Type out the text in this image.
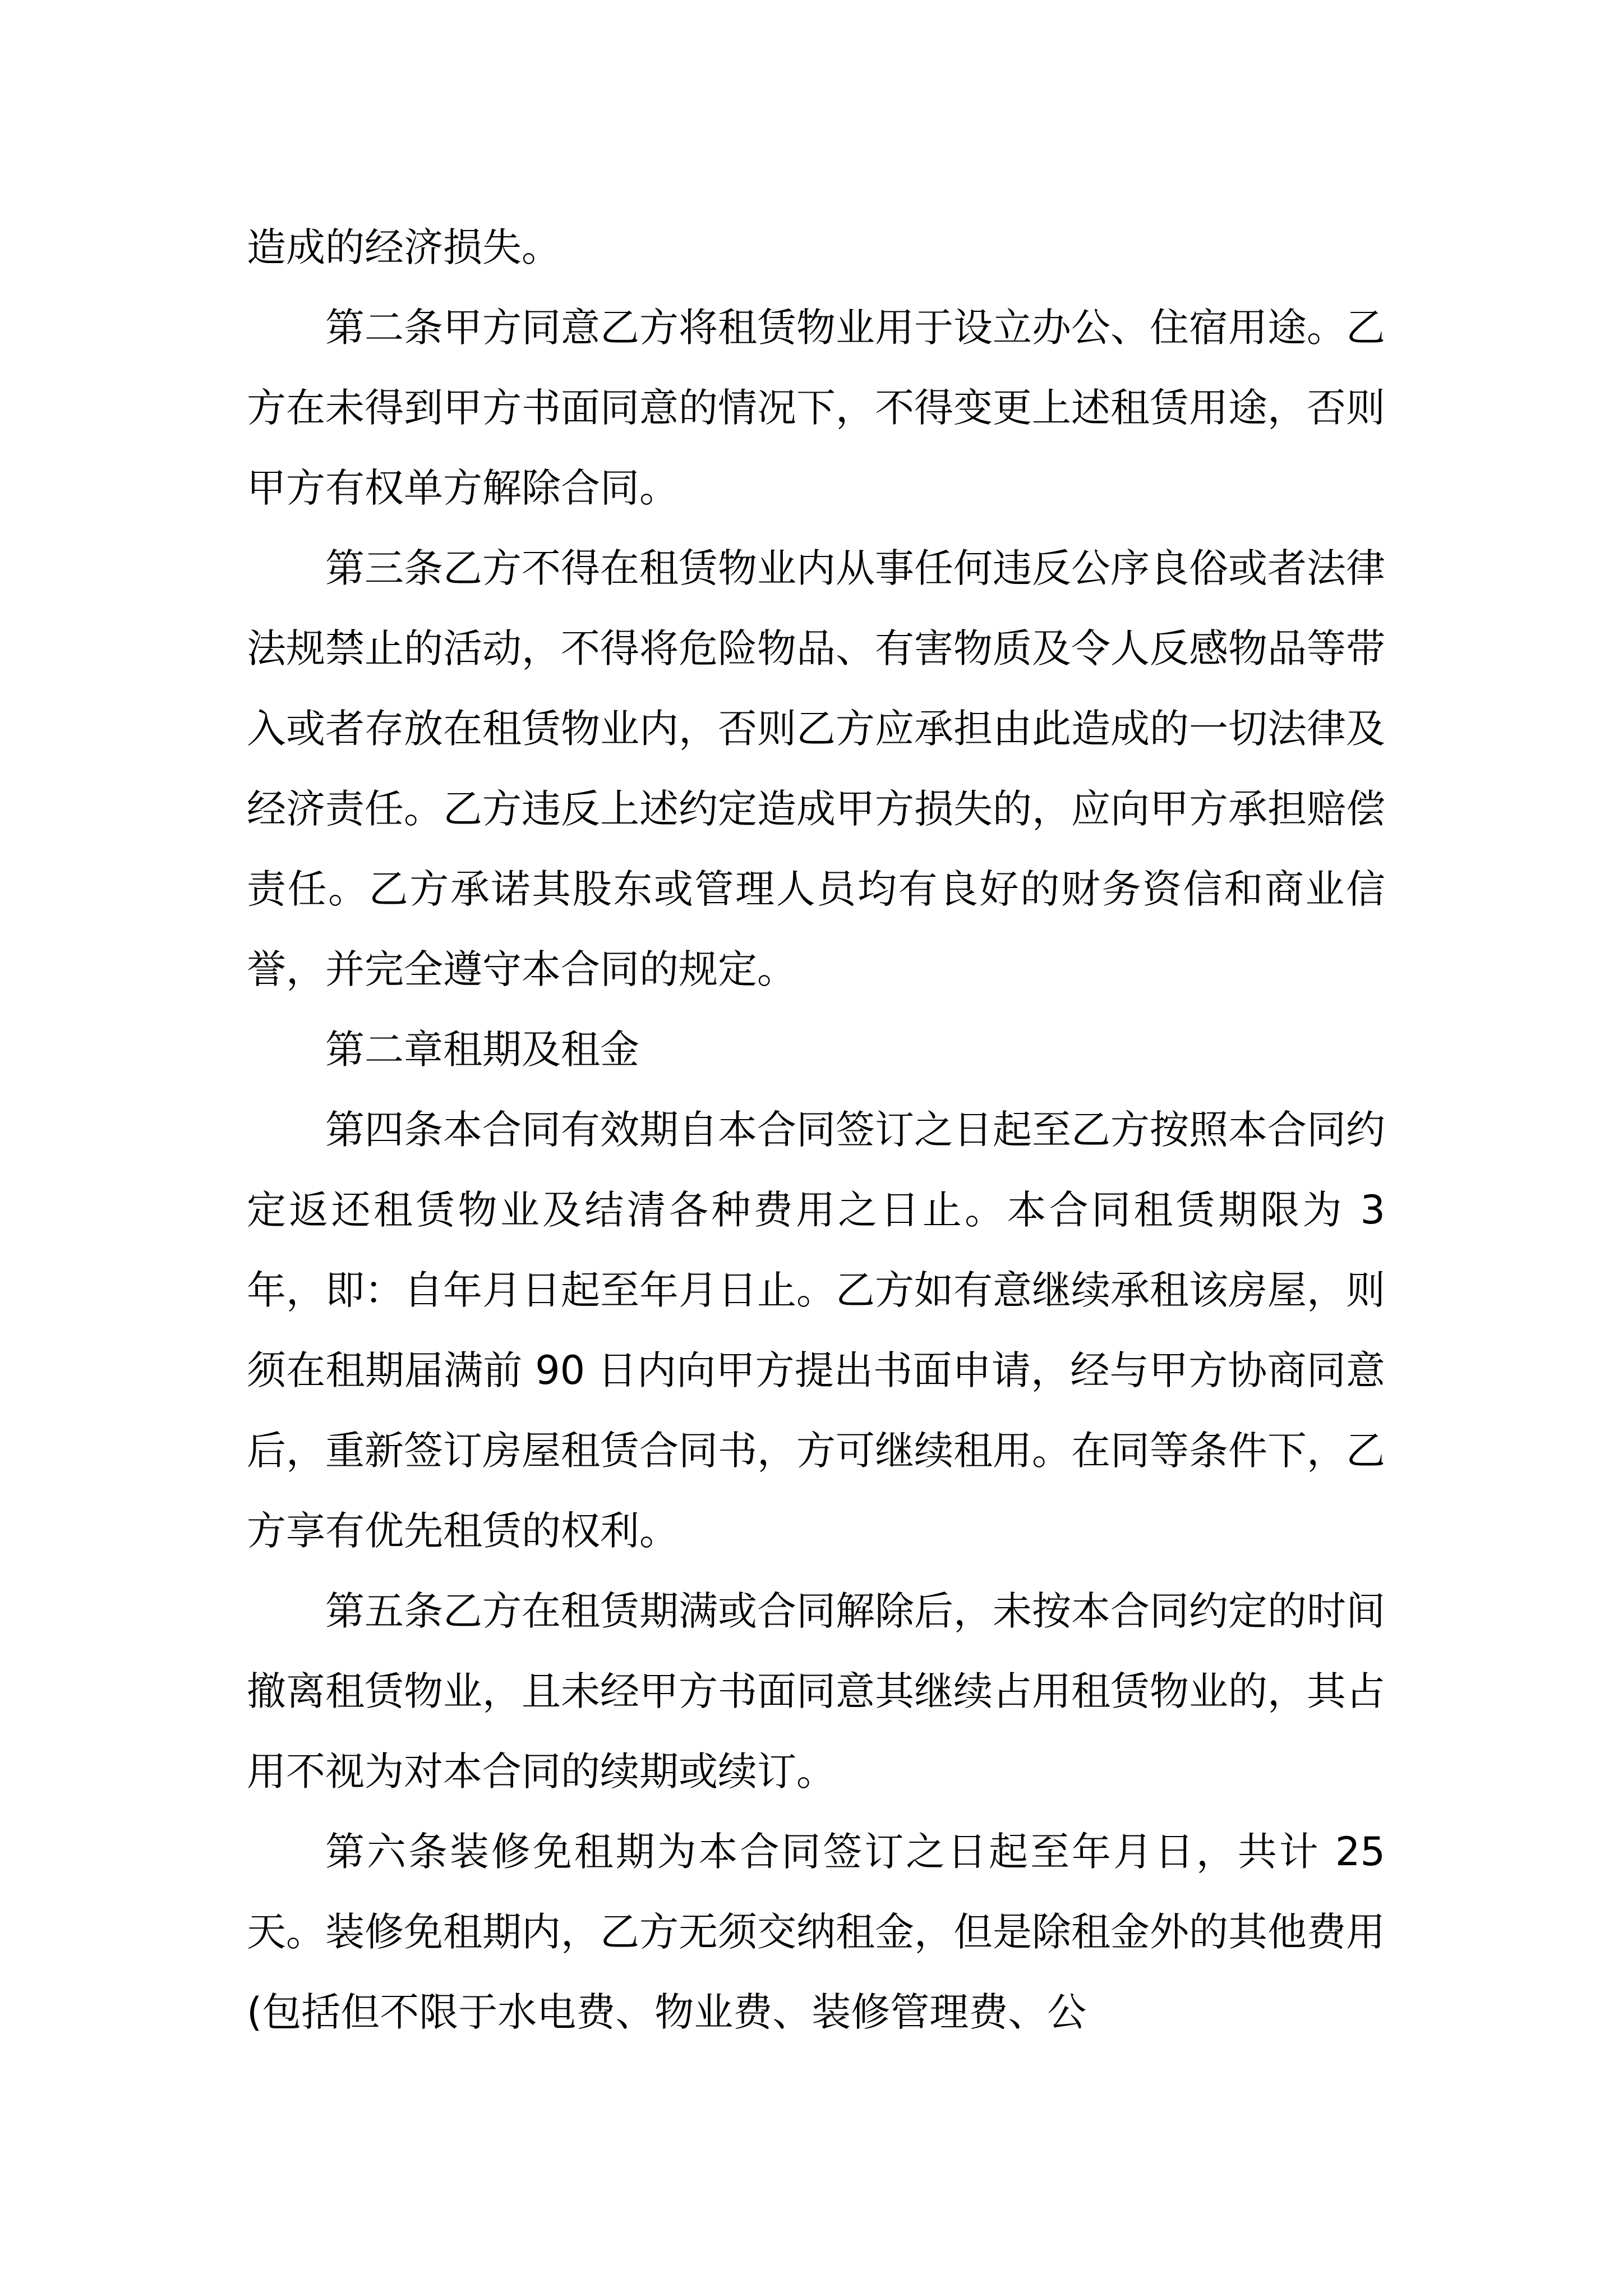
造成的经济损失。

第二条甲方同意乙方将租赁物业用于设立办公、住宿用途。乙方在未得到甲方书面同意的情况下，不得变更上述租赁用途，否则甲方有权单方解除合同。

第三条乙方不得在租赁物业内从事任何违反公序良俗或者法律法规禁止的活动，不得将危险物品、有害物质及令人反感物品等带入或者存放在租赁物业内，否则乙方应承担由此造成的一切法律及经济责任。乙方违反上述约定造成甲方损失的，应向甲方承担赔偿责任。乙方承诺其股东或管理人员均有良好的财务资信和商业信誉，并完全遵守本合同的规定。

第二章租期及租金

第四条本合同有效期自本合同签订之日起至乙方按照本合同约定返还租赁物业及结清各种费用之日止。本合同租赁期限为 3 年，即：自年月日起至年月日止。乙方如有意继续承租该房屋，则须在租期届满前 90 日内向甲方提出书面申请，经与甲方协商同意后，重新签订房屋租赁合同书，方可继续租用。在同等条件下，乙方享有优先租赁的权利。

第五条乙方在租赁期满或合同解除后，未按本合同约定的时间撤离租赁物业，且未经甲方书面同意其继续占用租赁物业的，其占用不视为对本合同的续期或续订。

第六条装修免租期为本合同签订之日起至年月日，共计 25 天。装修免租期内，乙方无须交纳租金，但是除租金外的其他费用(包括但不限于水电费、物业费、装修管理费、公
